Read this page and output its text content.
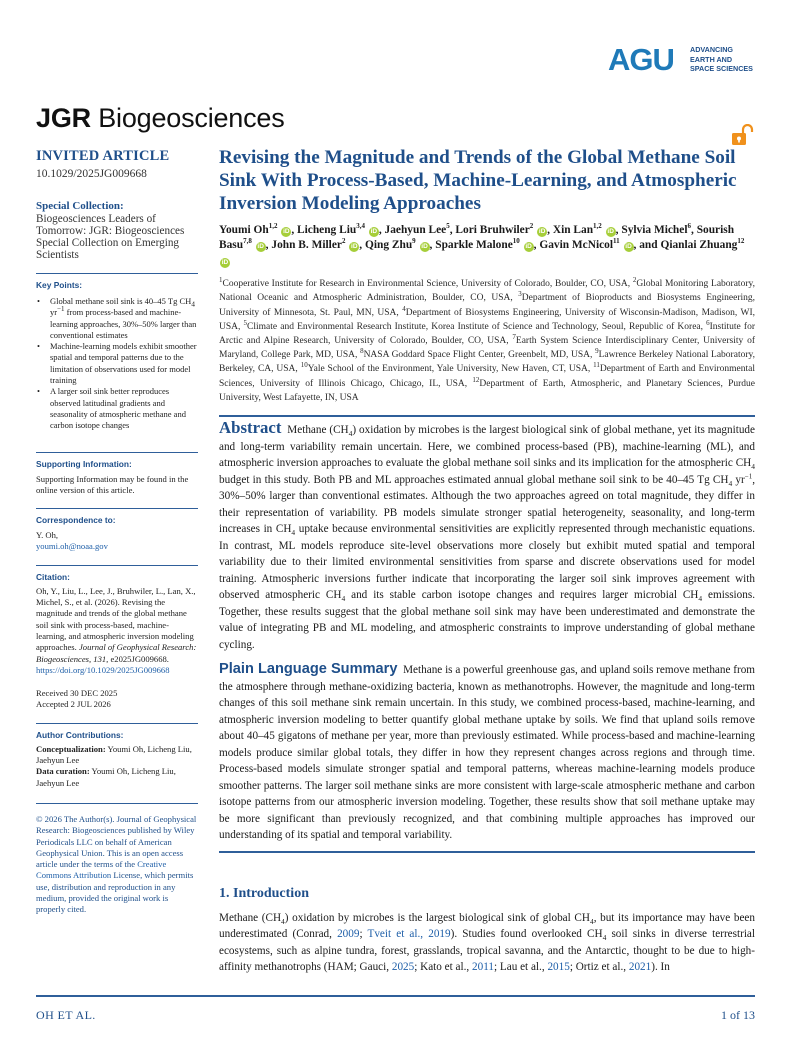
AGU ADVANCING
EARTH AND
SPACE SCIENCES
JGR Biogeosciences
INVITED ARTICLE
10.1029/2025JG009668
Special Collection:
Biogeosciences Leaders of Tomorrow: JGR: Biogeosciences Special Collection on Emerging Scientists
Key Points:
• Global methane soil sink is 40–45 Tg $CH_4$ $yr^{-1}$ from process-based and machine-learning approaches, 30%–50% larger than conventional estimates
• Machine-learning models exhibit smoother spatial and temporal patterns due to the limitation of observations used for model training
• A larger soil sink better reproduces observed latitudinal gradients and seasonality of atmospheric methane and carbon isotope changes
Supporting Information:
Supporting Information may be found in the online version of this article.
Correspondence to:
Y. Oh,
youmi.oh@noaa.gov
Citation:
Oh, Y., Liu, L., Lee, J., Bruhwiler, L., Lan, X., Michel, S., et al. (2026). Revising the magnitude and trends of the global methane soil sink with process-based, machine-learning, and atmospheric inversion modeling approaches. Journal of Geophysical Research: Biogeosciences, 131, e2025JG009668. https://doi.org/10.1029/2025JG009668
Received 30 DEC 2025
Accepted 2 JUL 2026
Author Contributions:
Conceptualization: Youmi Oh, Licheng Liu, Jaehyun Lee
Data curation: Youmi Oh, Licheng Liu, Jaehyun Lee
© 2026 The Author(s). Journal of Geophysical Research: Biogeosciences published by Wiley Periodicals LLC on behalf of American Geophysical Union. This is an open access article under the terms of the Creative Commons Attribution License, which permits use, distribution and reproduction in any medium, provided the original work is properly cited.
Revising the Magnitude and Trends of the Global Methane Soil Sink With Process-Based, Machine-Learning, and Atmospheric Inversion Modeling Approaches
Youmi Oh$^{1,2}$ iD , Licheng Liu$^{3,4}$ iD , Jaehyun Lee$^5$, Lori Bruhwiler$^2$ iD , Xin Lan$^{1,2}$ iD , Sylvia Michel$^6$, Sourish Basu$^{7,8}$ iD , John B. Miller$^2$ iD , Qing Zhu$^9$ iD , Sparkle Malone$^{10}$ iD , Gavin McNicol$^{11}$ iD , and Qianlai Zhuang$^{12}$ iD
$^1$Cooperative Institute for Research in Environmental Science, University of Colorado, Boulder, CO, USA, $^2$Global Monitoring Laboratory, National Oceanic and Atmospheric Administration, Boulder, CO, USA, $^3$Department of Bioproducts and Biosystems Engineering, University of Minnesota, St. Paul, MN, USA, $^4$Department of Biosystems Engineering, University of Wisconsin-Madison, Madison, WI, USA, $^5$Climate and Environmental Research Institute, Korea Institute of Science and Technology, Seoul, Republic of Korea, $^6$Institute for Arctic and Alpine Research, University of Colorado, Boulder, CO, USA, $^7$Earth System Science Interdisciplinary Center, University of Maryland, College Park, MD, USA, $^8$NASA Goddard Space Flight Center, Greenbelt, MD, USA, $^9$Lawrence Berkeley National Laboratory, Berkeley, CA, USA, $^{10}$Yale School of the Environment, Yale University, New Haven, CT, USA, $^{11}$Department of Earth and Environmental Sciences, University of Illinois Chicago, Chicago, IL, USA, $^{12}$Department of Earth, Atmospheric, and Planetary Sciences, Purdue University, West Lafayette, IN, USA
Abstract Methane $(CH_4)$ oxidation by microbes is the largest biological sink of global methane, yet its magnitude and long-term variability remain uncertain. Here, we combined process-based (PB), machine-learning (ML), and atmospheric inversion approaches to evaluate the global methane soil sinks and its implication for the atmospheric $CH_4$ budget in this study. Both PB and ML approaches estimated annual global methane soil sink to be 40–45 Tg $CH_4$ $yr^{-1}$, 30%–50% larger than conventional estimates. Although the two approaches agreed on total magnitude, they differ in their representation of variability. PB models simulate stronger spatial heterogeneity, seasonality, and long-term increases in $CH_4$ uptake because environmental sensitivities are explicitly represented through mechanistic equations. In contrast, ML models reproduce site-level observations more closely but exhibit muted spatial and temporal variability due to their limited environmental sensitivities from sparse and discrete observations used for model training. Atmospheric inversions further indicate that incorporating the larger soil sink improves agreement with observed atmospheric $CH_4$ and its stable carbon isotope changes and requires larger microbial $CH_4$ emissions. Together, these results suggest that the global methane soil sink may have been underestimated and demonstrate the value of integrating PB and ML modeling, and atmospheric constraints to improve understanding of global methane cycling.
Plain Language Summary Methane is a powerful greenhouse gas, and upland soils remove methane from the atmosphere through methane-oxidizing bacteria, known as methanotrophs. However, the magnitude and long-term changes of this soil methane sink remain uncertain. In this study, we combined process-based, machine-learning, and atmospheric inversion modeling to better quantify global methane uptake by soils. We find that upland soils remove about 40–45 gigatons of methane per year, more than previously estimated. While process-based and machine-learning models produce similar global totals, they differ in how they represent changes across regions and through time. Process-based models simulate stronger spatial and temporal patterns, whereas machine-learning models produce smoother patterns. The larger soil methane sinks are more consistent with large-scale atmospheric methane and carbon isotope patterns from our atmospheric inversion modeling. Together, these results show that soil methane uptake may be more significant than previously recognized, and that combining multiple approaches has improved our understanding of its spatial and temporal variability.
1. Introduction
Methane $(CH_4)$ oxidation by microbes is the largest biological sink of global $CH_4$, but its importance may have been underestimated (Conrad, 2009; Tveit et al., 2019). Studies found overlooked $CH_4$ soil sinks in diverse terrestrial ecosystems, such as alpine tundra, forest, grasslands, tropical savanna, and the Antarctic, thought to be due to high-affinity methanotrophs (HAM; Gauci, 2025; Kato et al., 2011; Lau et al., 2015; Ortiz et al., 2021). In
OH ET AL.	1 of 13
